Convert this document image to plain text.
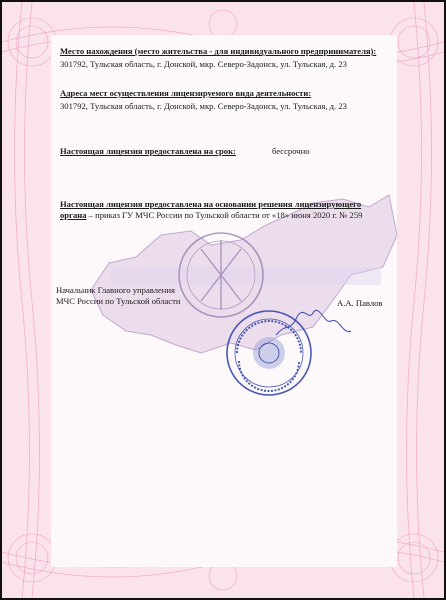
Место нахождения (место жительства - для индивидуального предпринимателя):
301792, Тульская область, г. Донской, мкр. Северо-Задонск, ул. Тульская, д. 23
Адреса мест осуществления лицензируемого вида деятельности:
301792, Тульская область, г. Донской, мкр. Северо-Задонск, ул. Тульская, д. 23
Настоящая лицензия предоставлена на срок:	бессрочно
Настоящая лицензия предоставлена на основании решения лицензирующего
органа – приказ ГУ МЧС России по Тульской области от «18» июня 2020 г. № 259
Начальник Главного управления
МЧС России по Тульской области	А.А. Павлов
